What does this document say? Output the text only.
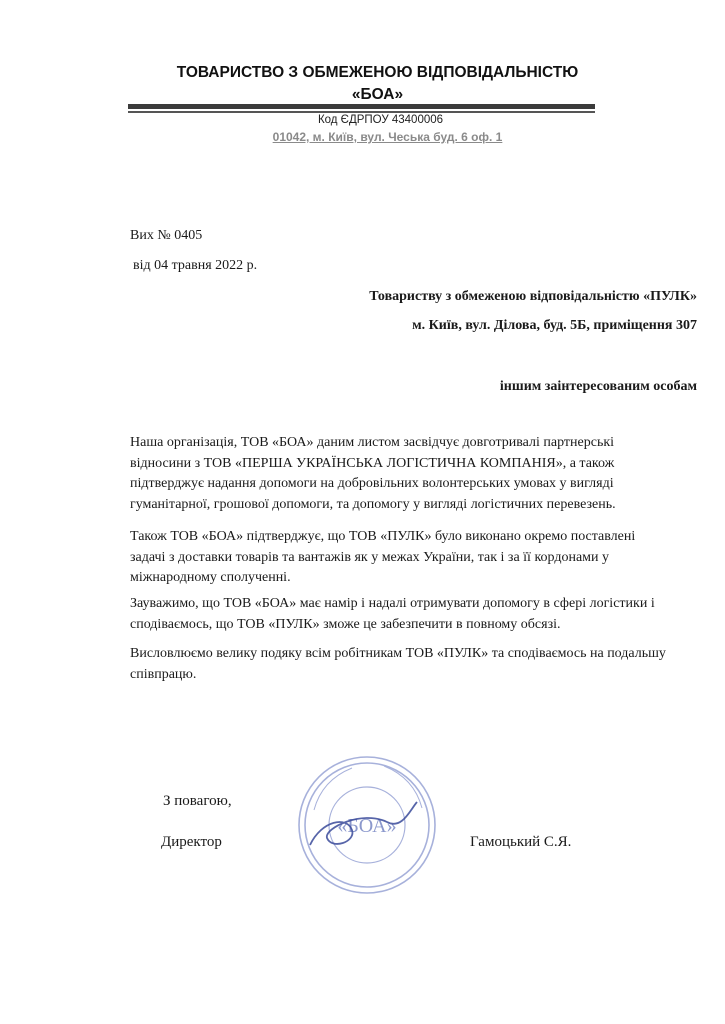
ТОВАРИСТВО З ОБМЕЖЕНОЮ ВІДПОВІДАЛЬНІСТЮ
«БОА»
Код ЄДРПОУ 43400006
01042, м. Київ, вул. Чеська буд. 6 оф. 1
Вих № 0405
від 04 травня 2022 р.
Товариству з обмеженою відповідальністю «ПУЛК»
м. Київ, вул. Ділова, буд. 5Б, приміщення 307
іншим заінтересованим особам
Наша організація, ТОВ «БОА» даним листом засвідчує довготривалі партнерські
відносини з ТОВ «ПЕРША УКРАЇНСЬКА ЛОГІСТИЧНА КОМПАНІЯ», а також
підтверджує надання допомоги на добровільних волонтерських умовах у вигляді
гуманітарної, грошової допомоги, та допомогу у вигляді логістичних перевезень.
Також ТОВ «БОА» підтверджує, що ТОВ «ПУЛК» було виконано окремо поставлені
задачі з доставки товарів та вантажів як у межах України, так і за її кордонами у
міжнародному сполученні.
Зауважимо, що ТОВ «БОА» має намір і надалі отримувати допомогу в сфері логістики і
сподіваємось, що ТОВ «ПУЛК» зможе це забезпечити в повному обсязі.
Висловлюємо велику подяку всім робітникам ТОВ «ПУЛК» та сподіваємось на подальшу
співпрацю.
З повагою,
Директор	Гамоцький С.Я.
«БОА»
